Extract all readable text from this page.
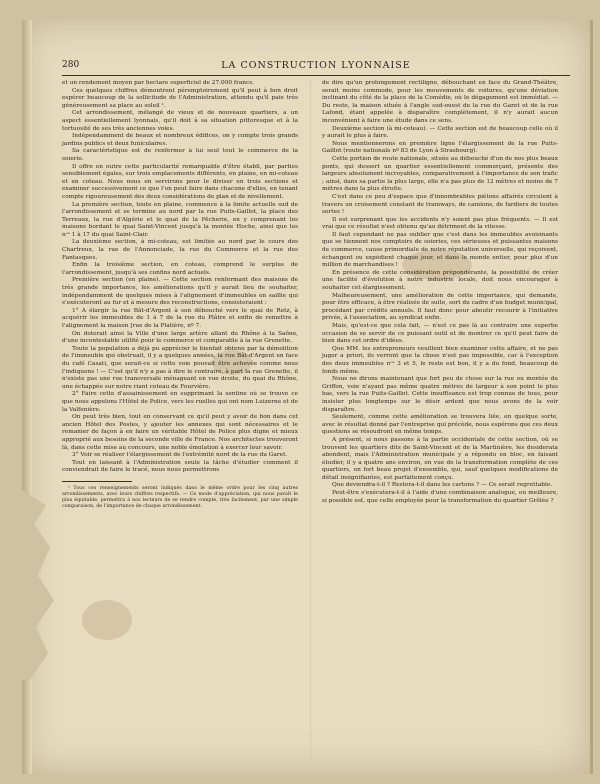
280	LA CONSTRUCTION LYONNAISE

et un rendement moyen par hectare superficiel de 27.000 francs.

Ces quelques chiffres démontrent péremptoirement qu'il peut à bon droit espérer beaucoup de la sollicitude de l'Administration, attendu qu'il paie très généreusement sa place au soleil ¹.

Cet arrondissement, mélangé de vieux et de nouveaux quartiers, a un aspect essentiellement lyonnais, qu'il doit à sa situation pittoresque et à la tortuosité de ses très anciennes voies.

Indépendamment de beaux et nombreux édifices, on y compte trois grands jardins publics et deux funiculaires.

Sa caractéristique est de renfermer à lui seul tout le commerce de la soierie.

Il offre en outre cette particularité remarquable d'être établi, par parties sensiblement égales, sur trois emplacements différents, en plaine, en mi-coteau et en coteau. Nous nous en servirons pour le diviser en trois sections et examiner successivement ce que l'on peut faire dans chacune d'elles, en tenant compte rigoureusement des deux considérations de plan et de nivellement.

La première section, toute en plaine, commence à la limite actuelle sud de l'arrondissement et se termine au nord par la rue Puits-Gaillot, la place des Terreaux, la rue d'Algérie et le quai de la Pêcherie, en y comprenant les maisons bordant le quai Saint-Vincent jusqu'à la montée Hoche, ainsi que les nᵒˢ 1 à 17 du quai Saint-Clair.

La deuxième section, à mi-coteau, est limitée au nord par le cours des Chartreux, la rue de l'Annonciade, la rue du Commerce et la rue des Fantasques.

Enfin la troisième section, en coteau, comprend le surplus de l'arrondissement, jusqu'à ses confins nord actuels.

Première section (en plaine). — Cette section renfermant des maisons de très grande importance, les améliorations qu'il y aurait lieu de souhaiter, indépendamment de quelques mises à l'alignement d'immeubles en saillie qui s'exécuteront au fur et à mesure des reconstructions, consisteraient :

1° A élargir la rue Bât-d'Argent à son débouché vers le quai de Retz, à acquérir les immeubles de 1 à 7 de la rue du Plâtre et enfin de remettre à l'alignement la maison [rue de la Platière, nº 7.

On doterait ainsi la Ville d'une large artère allant du Rhône à la Saône, d'une incontestable utilité pour le commerce et comparable à la rue Grenette.

Toute la population a déjà pu apprécier le bienfait obtenu par la démolition de l'immeuble qui obstruait, il y a quelques années, la rue Bât-d'Argent en face du café Casati, que serait-ce si cette voie pouvait être achevée comme nous l'indiquons ! — C'est qu'il n'y a pas à dire le contraire, à part la rue Grenette, il n'existe pas une rue transversale ménageant en vue droite, du quai du Rhône, une échappée sur notre riant coteau de Fourvière.

2° Faire cette d'assainissement en supprimant la sentine où se trouve ce que nous appelons l'Hôtel de Police, vers les ruelles qui ont nom Luizerne et de la Valfenière.

On peut très bien, tout en conservant ce qu'il peut y avoir de bon dans cet ancien Hôtel des Postes, y ajouter les annexes qui sont nécessaires et le remanier de façon à en faire un véritable Hôtel de Police plus digne et mieux approprié aux besoins de la seconde ville de France. Nos architectes trouveront là, dans cette mise au concours, une noble émulation à exercer leur savoir.

3° Voir se réaliser l'élargissement de l'extrémité nord de la rue du Garet.

Tout en laissant à l'Administration seule la tâche d'étudier comment il conviendrait de faire le tracé, nous nous permettrons

¹ Tous ces renseignements seront indiqués dans le même ordre pour les cinq autres arrondissements, avec leurs chiffres respectifs. — Ce mode d'appréciation, qui nous paraît le plus équitable, permettra à nos lecteurs de se rendre compte, très facilement, par une simple comparaison, de l'importance de chaque arrondissement.

de dire qu'un prolongement rectiligne, débouchant en face du Grand-Théâtre, serait moins commode, pour les mouvements de voitures, qu'une déviation inclinant du côté de la place de la Comédie, où le dégagement est immédiat. — Du reste, la maison située à l'angle sud-ouest de la rue du Garet et de la rue Lafond, étant appelée à disparaître complètement, il n'y aurait aucun inconvénient à faire une étude dans ce sens.

Deuxième section (à mi-coteau). — Cette section est de beaucoup celle où il y aurait le plus à faire.

Nous mentionnerons en première ligne l'élargissement de la rue Puits-Gaillot (route nationale nº 83 de Lyon à Strasbourg).

Cette portion de route nationale, située au débouché d'un de nos plus beaux ponts, qui dessert un quartier essentiellement commerçant, présente des largeurs absolument incroyables, comparativement à l'importance de son trafic ; ainsi, dans sa partie la plus large, elle n'a pas plus de 12 mètres et moins de 7 mètres dans la plus étroite.

C'est dans ce peu d'espace que d'innombrables piétons affairés circulent à travers un croisement constant de tramways, de camions, de fardiers de toutes sortes !

Il est surprenant que les accidents n'y soient pas plus fréquents. — Il est vrai que ce résultat n'est obtenu qu'au détriment de la vitesse.

Il faut cependant ne pas oublier que c'est dans les immeubles avoisinants que se tiennent nos comptoirs de soieries, ces sérieuses et puissantes maisons de commerce, cause primordiale de notre réputation universelle, qui reçoivent, échangent ou expédient chaque jour, et dans le monde entier, pour plus d'un million de marchandises !

En présence de cette considération prépondérante, la possibilité de créer une facilité d'évolution à notre industrie locale, doit nous encourager à souhaiter cet élargissement.

Malheureusement, une amélioration de cette importance, qui demande, pour être efficace, à être réalisée de suite, sort du cadre d'un budget municipal, procédant par crédits annuels. Il faut donc pour aboutir recourir à l'initiative privée, à l'association, au syndicat enfin.

Mais, qu'est-ce que cela fait, — n'est ce pas là au contraire une superbe occasion de se servir de ce puissant outil et de montrer ce qu'il peut faire de bien dans cet ordre d'idées.

Que MM. les entrepreneurs veuillent bien examiner cette affaire, et ne pas juger a priori, ils verront que la chose n'est pas impossible, car à l'exception des deux immeubles nᵒˢ 3 et 5, le reste est bon, il y a du fond, beaucoup de fonds même.

Nous ne dirons maintenant que fort peu de chose sur la rue ou montée du Griffon, voie n'ayant pas même quatre mètres de largeur à son point le plus bas, vers la rue Puits-Gaillot. Cette insuffisance est trop connue de tous, pour insister plus longtemps sur le désir ardent que nous avons de la voir disparaître.

Seulement, comme cette amélioration se trouvera liée, en quelque sorte, avec le résultat donné par l'entreprise qui précède, nous espérons que ces deux questions se résoudront en même temps.

A présent, si nous passons à la partie occidentale de cette section, où se trouvent les quartiers dits de Saint-Vincent et de la Martinière, les desiderata abondent, mais l'Administration municipale y a répondu en bloc, en faisant étudier, il y a quatre ans environ, en vue de la transformation complète de ces quartiers, un fort beau projet d'ensemble, qui, sauf quelques modifications de détail insignifiantes, est parfaitement conçu.

Que deviendra-t-il ? Restera-t-il dans les cartons ? — Ce serait regrettable.

Peut-être s'exécutera-t-il à l'aide d'une combinaison analogue, ou meilleure, si possible est, que celle employée pour la transformation du quartier Grôlée ?
